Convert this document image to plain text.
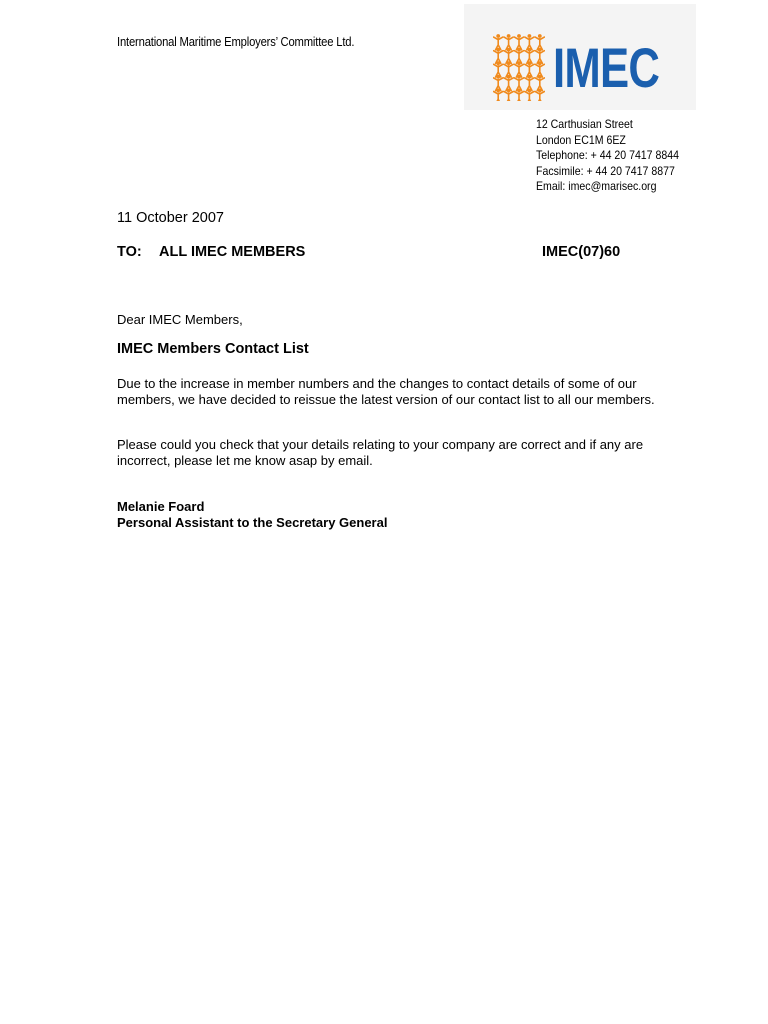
International Maritime Employers’ Committee Ltd.	IMEC
12 Carthusian Street
London EC1M 6EZ
Telephone: + 44 20 7417 8844
Facsimile: + 44 20 7417 8877
Email: imec@marisec.org
11 October 2007
TO: ALL IMEC MEMBERS	IMEC(07)60
Dear IMEC Members,
IMEC Members Contact List
Due to the increase in member numbers and the changes to contact details of some of our members, we have decided to reissue the latest version of our contact list to all our members.
Please could you check that your details relating to your company are correct and if any are incorrect, please let me know asap by email.
Melanie Foard
Personal Assistant to the Secretary General
